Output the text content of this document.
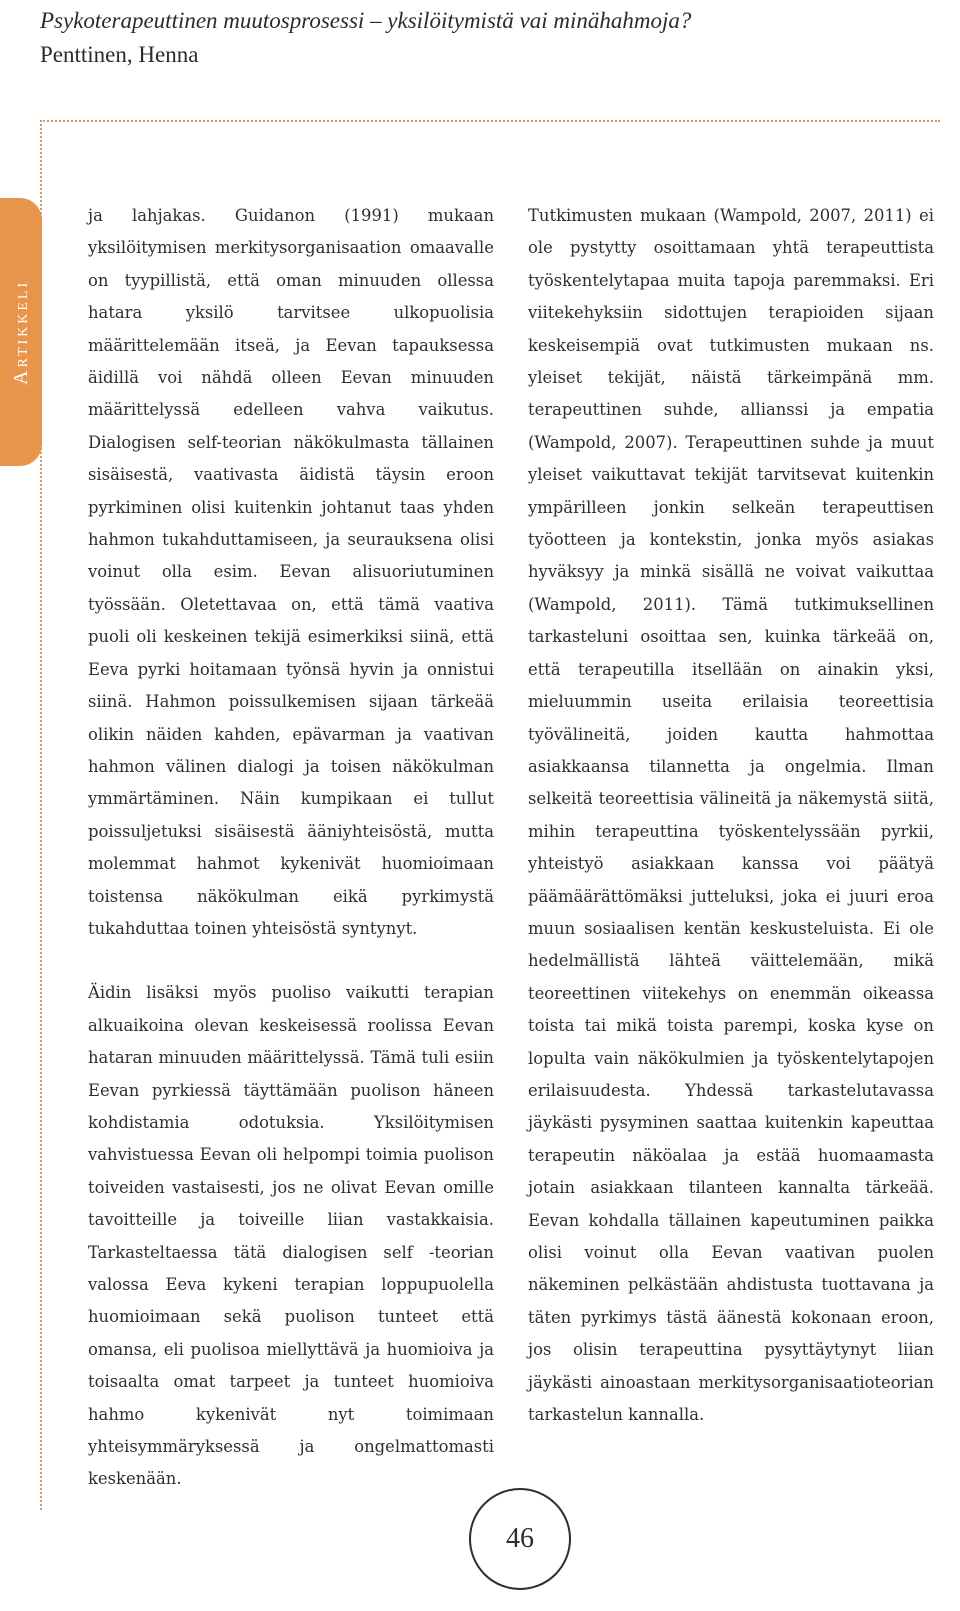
Psykoterapeuttinen muutosprosessi – yksilöitymistä vai minähahmoja?

Penttinen, Henna

Artikkeli

ja lahjakas. Guidanon (1991) mukaan yksilöitymisen merkitysorganisaation omaavalle on tyypillistä, että oman minuuden ollessa hatara yksilö tarvitsee ulkopuolisia määrittelemään itseä, ja Eevan tapauksessa äidillä voi nähdä olleen Eevan minuuden määrittelyssä edelleen vahva vaikutus. Dialogisen self-teorian näkökulmasta tällainen sisäisestä, vaativasta äidistä täysin eroon pyrkiminen olisi kuitenkin johtanut taas yhden hahmon tukahduttamiseen, ja seurauksena olisi voinut olla esim. Eevan alisuoriutuminen työssään. Oletettavaa on, että tämä vaativa puoli oli keskeinen tekijä esimerkiksi siinä, että Eeva pyrki hoitamaan työnsä hyvin ja onnistui siinä. Hahmon poissulkemisen sijaan tärkeää olikin näiden kahden, epävarman ja vaativan hahmon välinen dialogi ja toisen näkökulman ymmärtäminen. Näin kumpikaan ei tullut poissuljetuksi sisäisestä ääniyhteisöstä, mutta molemmat hahmot kykenivät huomioimaan toistensa näkökulman eikä pyrkimystä tukahduttaa toinen yhteisöstä syntynyt.

Äidin lisäksi myös puoliso vaikutti terapian alkuaikoina olevan keskeisessä roolissa Eevan hataran minuuden määrittelyssä. Tämä tuli esiin Eevan pyrkiessä täyttämään puolison häneen kohdistamia odotuksia. Yksilöitymisen vahvistuessa Eevan oli helpompi toimia puolison toiveiden vastaisesti, jos ne olivat Eevan omille tavoitteille ja toiveille liian vastakkaisia. Tarkasteltaessa tätä dialogisen self -teorian valossa Eeva kykeni terapian loppupuolella huomioimaan sekä puolison tunteet että omansa, eli puolisoa miellyttävä ja huomioiva ja toisaalta omat tarpeet ja tunteet huomioiva hahmo kykenivät nyt toimimaan yhteisymmäryksessä ja ongelmattomasti keskenään.

Tutkimusten mukaan (Wampold, 2007, 2011) ei ole pystytty osoittamaan yhtä terapeuttista työskentelytapaa muita tapoja paremmaksi. Eri viitekehyksiin sidottujen terapioiden sijaan keskeisempiä ovat tutkimusten mukaan ns. yleiset tekijät, näistä tärkeimpänä mm. terapeuttinen suhde, allianssi ja empatia (Wampold, 2007). Terapeuttinen suhde ja muut yleiset vaikuttavat tekijät tarvitsevat kuitenkin ympärilleen jonkin selkeän terapeuttisen työotteen ja kontekstin, jonka myös asiakas hyväksyy ja minkä sisällä ne voivat vaikuttaa (Wampold, 2011). Tämä tutkimuksellinen tarkasteluni osoittaa sen, kuinka tärkeää on, että terapeutilla itsellään on ainakin yksi, mieluummin useita erilaisia teoreettisia työvälineitä, joiden kautta hahmottaa asiakkaansa tilannetta ja ongelmia. Ilman selkeitä teoreettisia välineitä ja näkemystä siitä, mihin terapeuttina työskentelyssään pyrkii, yhteistyö asiakkaan kanssa voi päätyä päämäärättömäksi jutteluksi, joka ei juuri eroa muun sosiaalisen kentän keskusteluista. Ei ole hedelmällistä lähteä väittelemään, mikä teoreettinen viitekehys on enemmän oikeassa toista tai mikä toista parempi, koska kyse on lopulta vain näkökulmien ja työskentelytapojen erilaisuudesta. Yhdessä tarkastelutavassa jäykästi pysyminen saattaa kuitenkin kapeuttaa terapeutin näköalaa ja estää huomaamasta jotain asiakkaan tilanteen kannalta tärkeää. Eevan kohdalla tällainen kapeutuminen paikka olisi voinut olla Eevan vaativan puolen näkeminen pelkästään ahdistusta tuottavana ja täten pyrkimys tästä äänestä kokonaan eroon, jos olisin terapeuttina pysyttäytynyt liian jäykästi ainoastaan merkitysorganisaatioteorian tarkastelun kannalla.

46
